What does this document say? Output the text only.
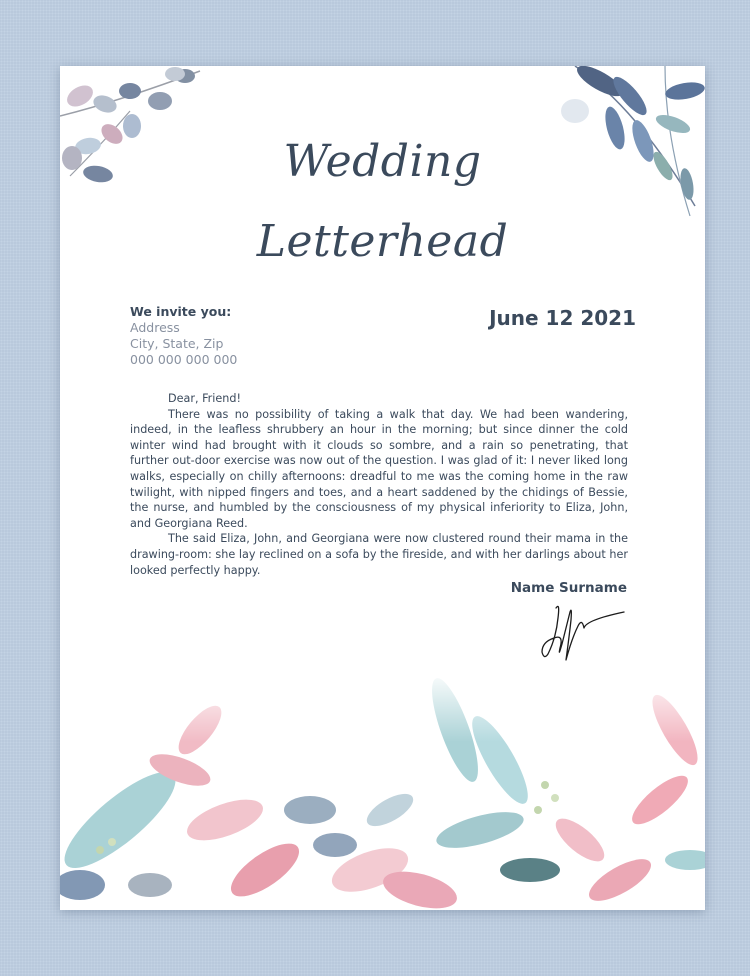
Wedding
Letterhead
We invite you:
Address
City, State, Zip
000 000 000 000
June 12 2021

Dear, Friend!

There was no possibility of taking a walk that day. We had been wandering, indeed, in the leafless shrubbery an hour in the morning; but since dinner the cold winter wind had brought with it clouds so sombre, and a rain so penetrating, that further out-door exercise was now out of the question. I was glad of it: I never liked long walks, especially on chilly afternoons: dreadful to me was the coming home in the raw twilight, with nipped fingers and toes, and a heart saddened by the chidings of Bessie, the nurse, and humbled by the consciousness of my physical inferiority to Eliza, John, and Georgiana Reed.

The said Eliza, John, and Georgiana were now clustered round their mama in the drawing-room: she lay reclined on a sofa by the fireside, and with her darlings about her looked perfectly happy.

Name Surname
